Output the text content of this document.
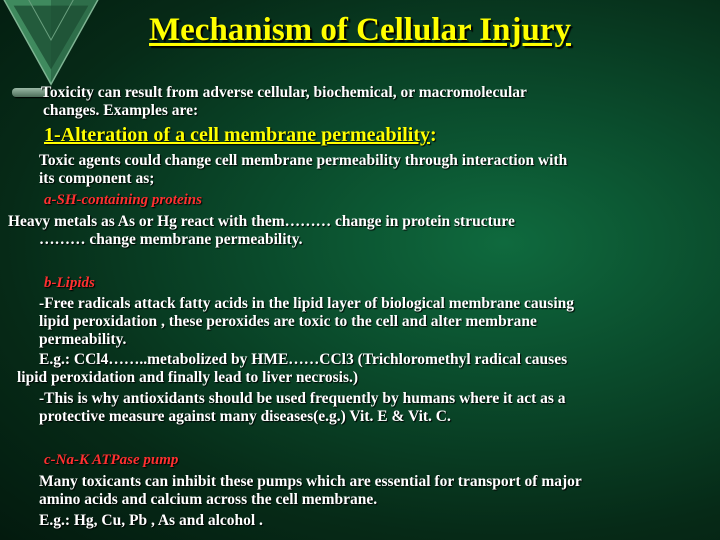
Mechanism of Cellular Injury
Toxicity can result from adverse cellular, biochemical, or macromolecular
changes. Examples are:
1-Alteration of a cell membrane permeability:
Toxic agents could change cell membrane permeability through interaction with
its component as;
a-SH-containing proteins
Heavy metals as As or Hg react with them……… change in protein structure
……… change membrane permeability.
b-Lipids
-Free radicals attack fatty acids in the lipid layer of biological membrane causing
lipid peroxidation , these peroxides are toxic to the cell and alter membrane
permeability.
E.g.: CCl4……..metabolized by HME……CCl3 (Trichloromethyl radical causes
lipid peroxidation and finally lead to liver necrosis.)
-This is why antioxidants should be used frequently by humans where it act as a
protective measure against many diseases(e.g.) Vit. E & Vit. C.
c-Na-K ATPase pump
Many toxicants can inhibit these pumps which are essential for transport of major
amino acids and calcium across the cell membrane.
E.g.: Hg, Cu, Pb , As and alcohol .
